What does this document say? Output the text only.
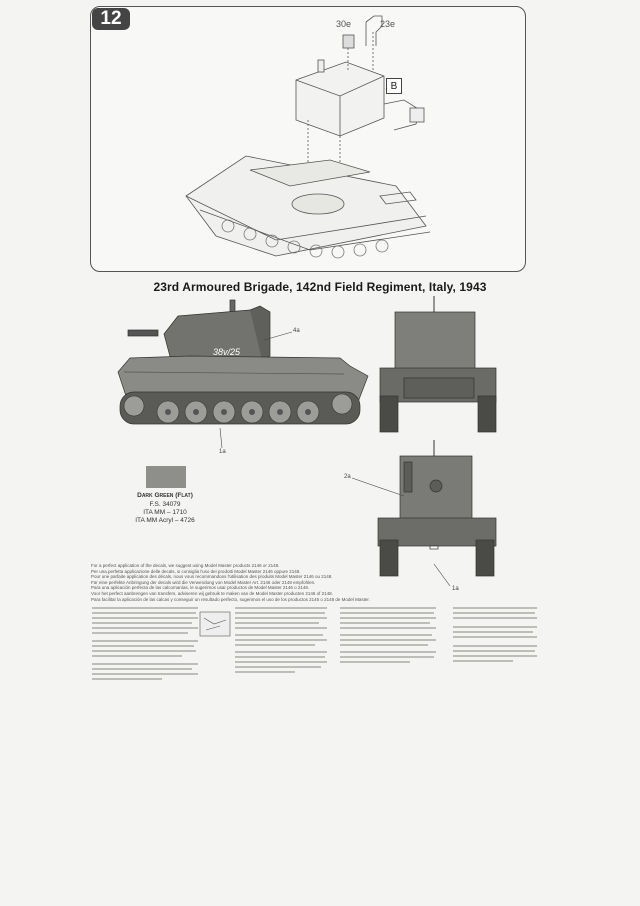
12	30e	23e
B
23rd Armoured Brigade, 142nd Field Regiment, Italy, 1943
38v/25
4a
1a
2a
1a
Dark Green (Flat)
F.S. 34079
ITA MM – 1710
ITA MM Acryl – 4726
For a perfect application of the decals, we suggest using Model Master products 2146 or 2148.
Per una perfetta applicazione delle decals, si consiglia l'uso dei prodotti Model Master 2146 oppure 2148.
Pour une parfaite application des décals, nous vous recommandons l'utilisation des produits Model Master 2146 ou 2148.
Für eine perfekte Anbringung der decals wird die Verwendung von Model Master Art. 2146 oder 2148 empfohlen.
Para una aplicación perfecta de las calcomanías, le sugerimos usar productos de Model Master 2146 o 2148.
Voor het perfect aanbrengen van transfers, adviseren wij gebruik te maken van de Model Master producten 2146 of 2148.
Para facilitar la aplicación de las calcas y conseguir un resultado perfecto, sugerimos el uso de los productos 2146 o 2148 de Model Master.
